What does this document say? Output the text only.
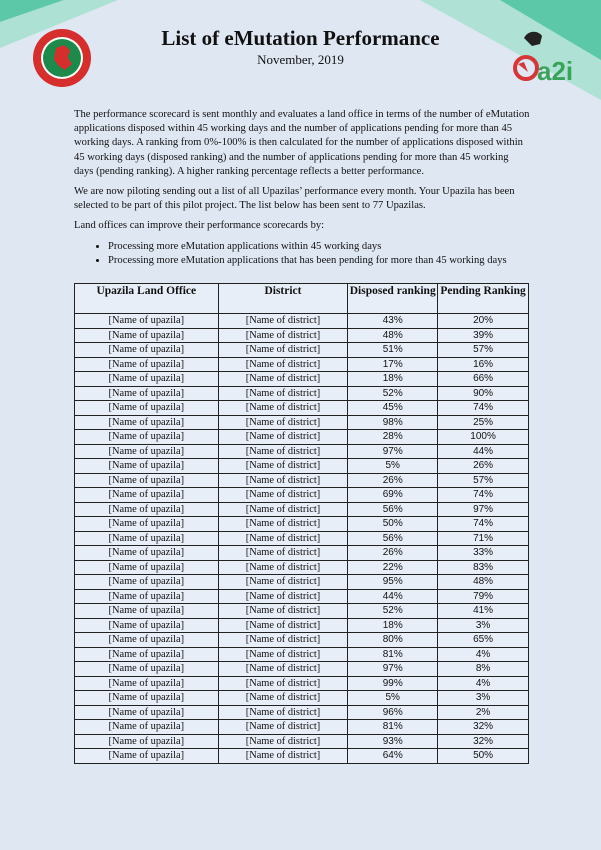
List of eMutation Performance
November, 2019	a2i

The performance scorecard is sent monthly and evaluates a land office in terms of the number of eMutation applications disposed within 45 working days and the number of applications pending for more than 45 working days. A ranking from 0%-100% is then calculated for the number of applications disposed within 45 working days (disposed ranking) and the number of applications pending for more than 45 working days (pending ranking). A higher ranking percentage reflects a better performance.

We are now piloting sending out a list of all Upazilas’ performance every month. Your Upazila has been selected to be part of this pilot project. The list below has been sent to 77 Upazilas.

Land offices can improve their performance scorecards by:

• Processing more eMutation applications within 45 working days
• Processing more eMutation applications that has been pending for more than 45 working days
Upazila Land Office	District	Disposed ranking	Pending Ranking
[Name of upazila]	[Name of district]	43%	20%
[Name of upazila]	[Name of district]	48%	39%
[Name of upazila]	[Name of district]	51%	57%
[Name of upazila]	[Name of district]	17%	16%
[Name of upazila]	[Name of district]	18%	66%
[Name of upazila]	[Name of district]	52%	90%
[Name of upazila]	[Name of district]	45%	74%
[Name of upazila]	[Name of district]	98%	25%
[Name of upazila]	[Name of district]	28%	100%
[Name of upazila]	[Name of district]	97%	44%
[Name of upazila]	[Name of district]	5%	26%
[Name of upazila]	[Name of district]	26%	57%
[Name of upazila]	[Name of district]	69%	74%
[Name of upazila]	[Name of district]	56%	97%
[Name of upazila]	[Name of district]	50%	74%
[Name of upazila]	[Name of district]	56%	71%
[Name of upazila]	[Name of district]	26%	33%
[Name of upazila]	[Name of district]	22%	83%
[Name of upazila]	[Name of district]	95%	48%
[Name of upazila]	[Name of district]	44%	79%
[Name of upazila]	[Name of district]	52%	41%
[Name of upazila]	[Name of district]	18%	3%
[Name of upazila]	[Name of district]	80%	65%
[Name of upazila]	[Name of district]	81%	4%
[Name of upazila]	[Name of district]	97%	8%
[Name of upazila]	[Name of district]	99%	4%
[Name of upazila]	[Name of district]	5%	3%
[Name of upazila]	[Name of district]	96%	2%
[Name of upazila]	[Name of district]	81%	32%
[Name of upazila]	[Name of district]	93%	32%
[Name of upazila]	[Name of district]	64%	50%
